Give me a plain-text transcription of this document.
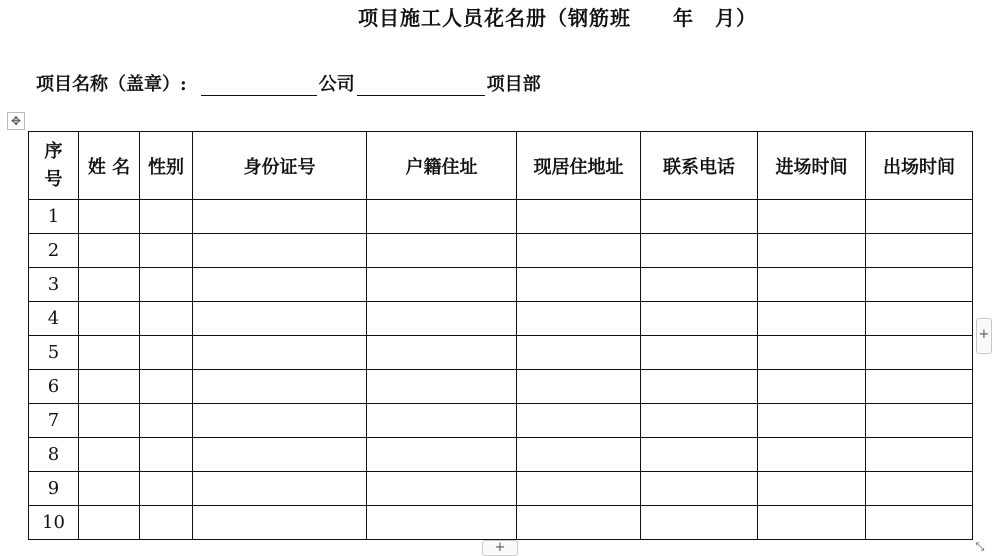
项目施工人员花名册（钢筋班　　年　月）
项目名称（盖章）:	公司	项目部
✥
序
号	姓 名	性别	身份证号	户籍住址	现居住地址	联系电话	进场时间	出场时间
1								
2								
3								
4								
5								
6								
7								
8								
9								
10								
+
+	⤡
